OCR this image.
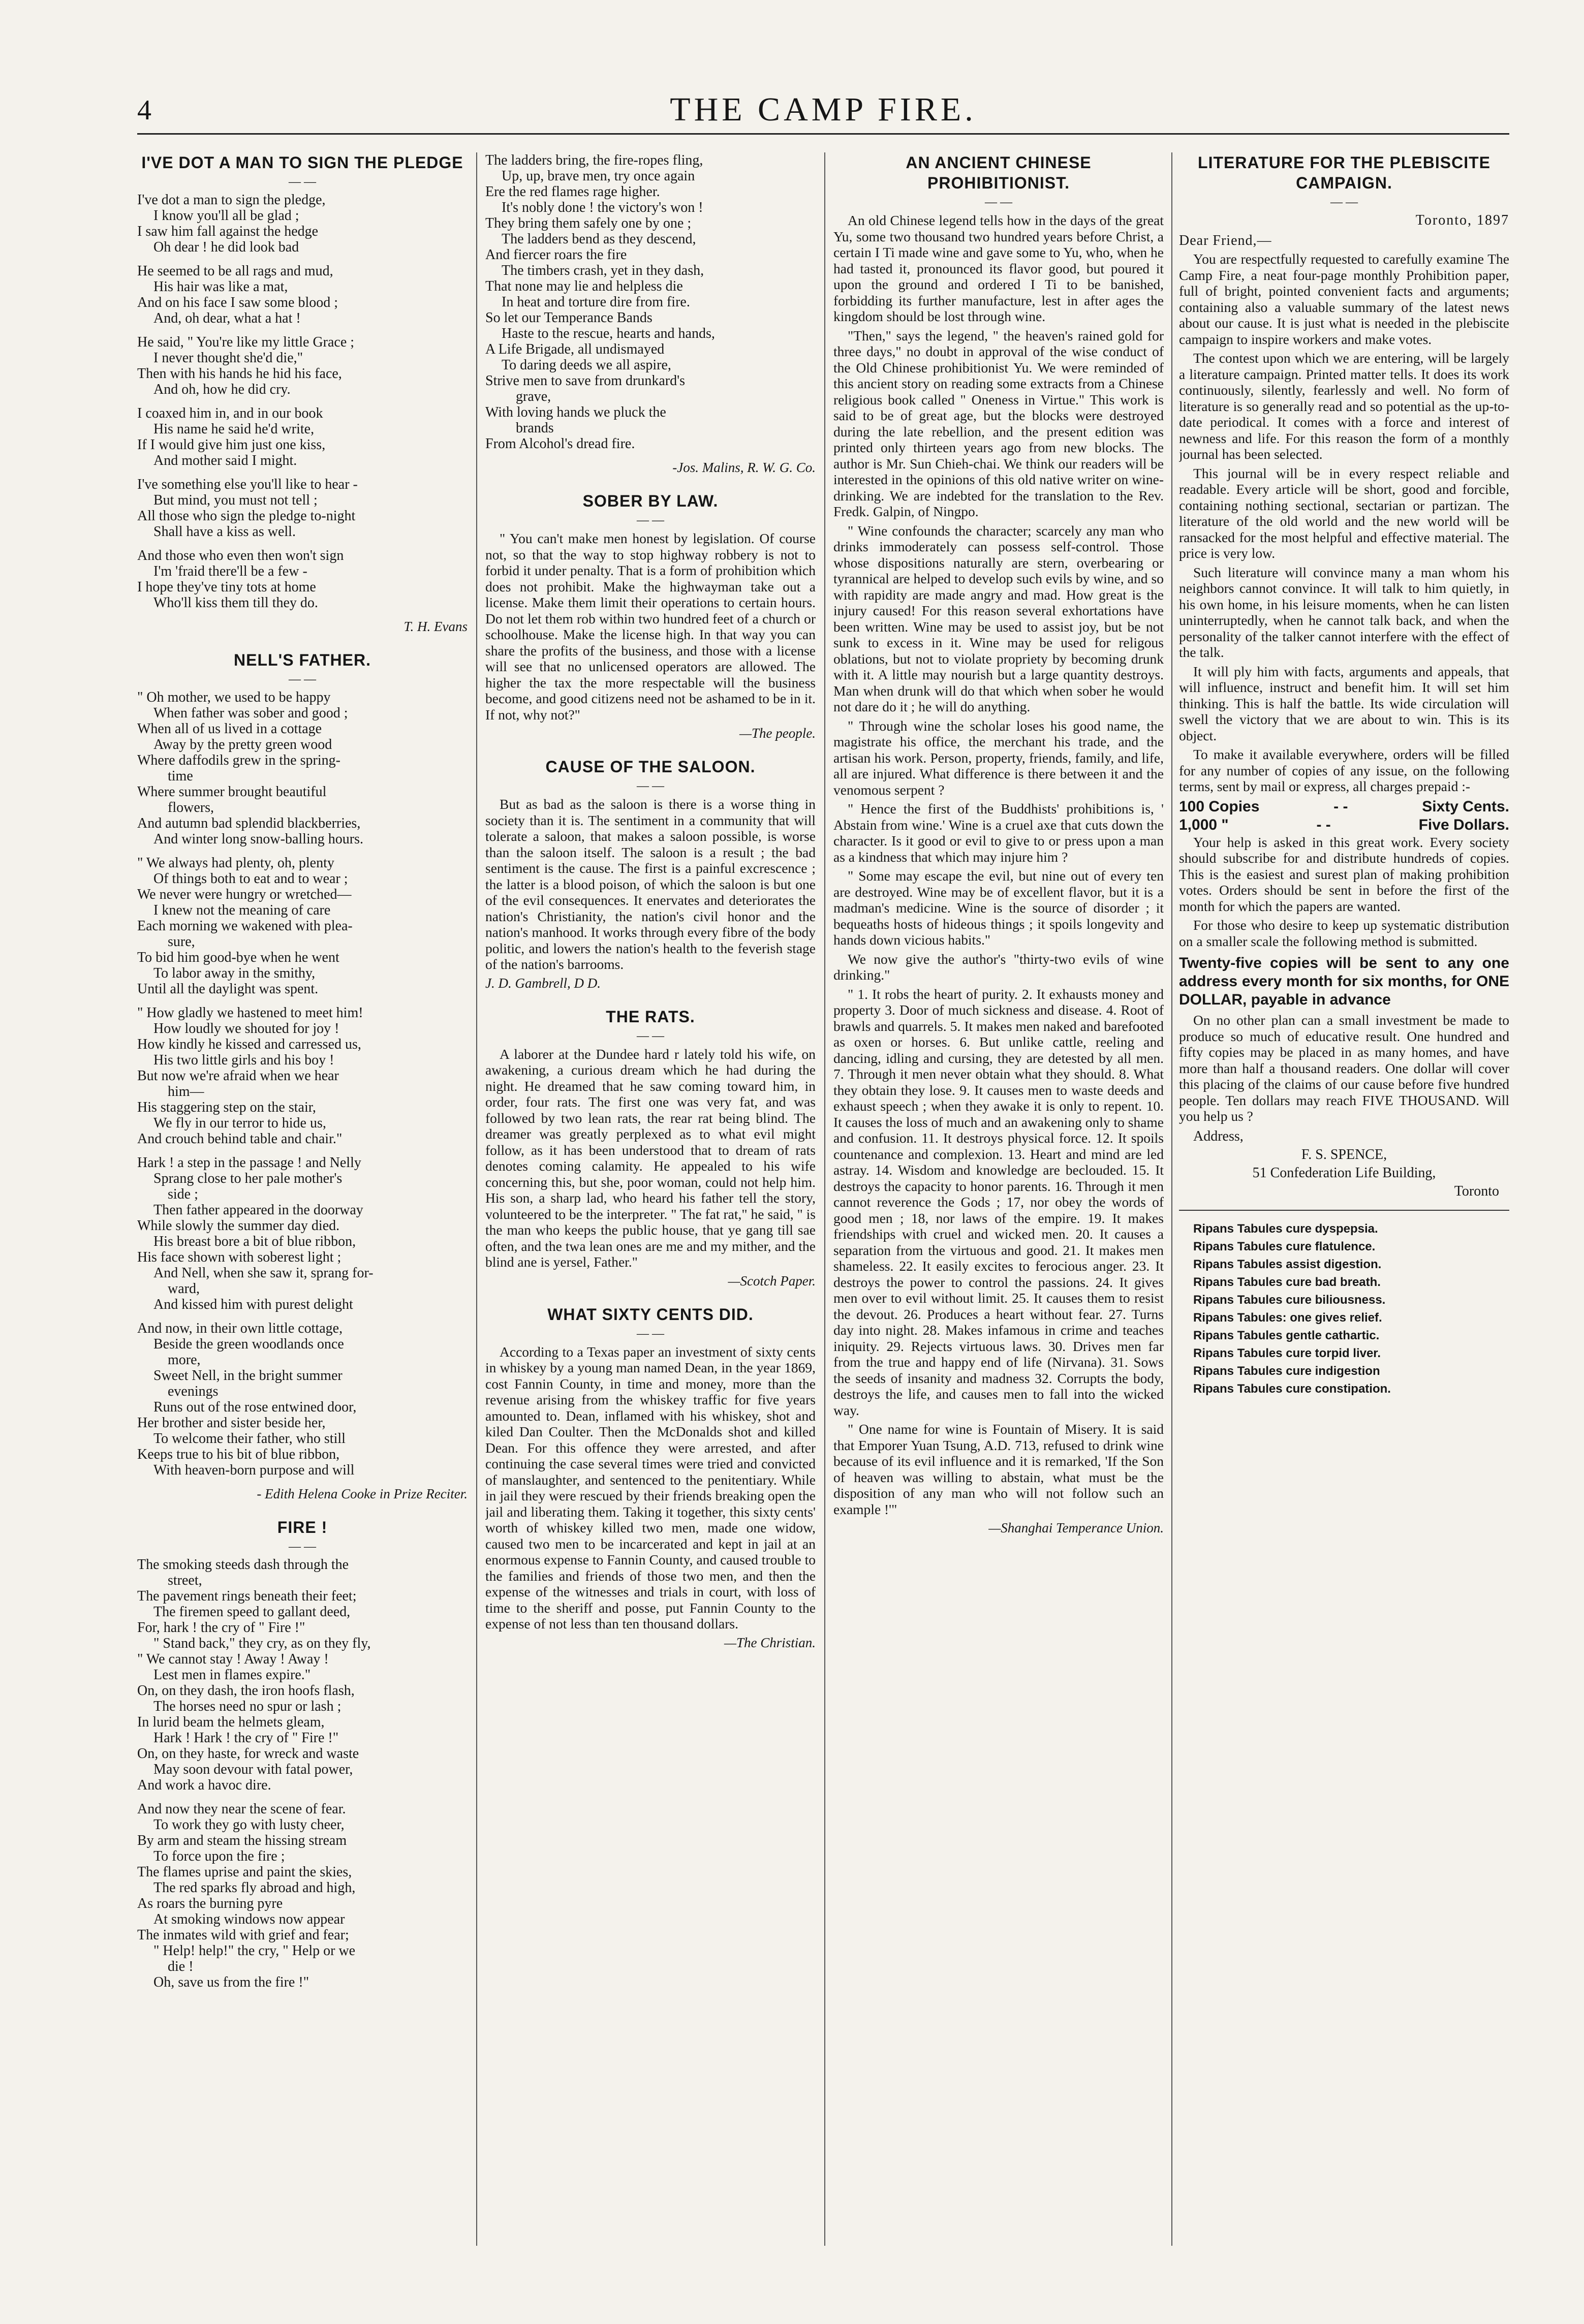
4	THE CAMP FIRE.
I'VE DOT A MAN TO SIGN THE PLEDGE
— —
I've dot a man to sign the pledge,
I know you'll all be glad ;
I saw him fall against the hedge
Oh dear ! he did look bad
He seemed to be all rags and mud,
His hair was like a mat,
And on his face I saw some blood ;
And, oh dear, what a hat !
He said, " You're like my little Grace ;
I never thought she'd die,"
Then with his hands he hid his face,
And oh, how he did cry.
I coaxed him in, and in our book
His name he said he'd write,
If I would give him just one kiss,
And mother said I might.
I've something else you'll like to hear -
But mind, you must not tell ;
All those who sign the pledge to-night
Shall have a kiss as well.
And those who even then won't sign
I'm 'fraid there'll be a few -
I hope they've tiny tots at home
Who'll kiss them till they do.
T. H. Evans
NELL'S FATHER.
— —
" Oh mother, we used to be happy
When father was sober and good ;
When all of us lived in a cottage
Away by the pretty green wood
Where daffodils grew in the spring-
time
Where summer brought beautiful
flowers,
And autumn bad splendid blackberries,
And winter long snow-balling hours.
" We always had plenty, oh, plenty
Of things both to eat and to wear ;
We never were hungry or wretched—
I knew not the meaning of care
Each morning we wakened with plea-
sure,
To bid him good-bye when he went
To labor away in the smithy,
Until all the daylight was spent.
" How gladly we hastened to meet him!
How loudly we shouted for joy !
How kindly he kissed and carressed us,
His two little girls and his boy !
But now we're afraid when we hear
him—
His staggering step on the stair,
We fly in our terror to hide us,
And crouch behind table and chair."
Hark ! a step in the passage ! and Nelly
Sprang close to her pale mother's
side ;
Then father appeared in the doorway
While slowly the summer day died.
His breast bore a bit of blue ribbon,
His face shown with soberest light ;
And Nell, when she saw it, sprang for-
ward,
And kissed him with purest delight
And now, in their own little cottage,
Beside the green woodlands once
more,
Sweet Nell, in the bright summer
evenings
Runs out of the rose entwined door,
Her brother and sister beside her,
To welcome their father, who still
Keeps true to his bit of blue ribbon,
With heaven-born purpose and will
- Edith Helena Cooke in Prize Reciter.
FIRE !
— —
The smoking steeds dash through the
street,
The pavement rings beneath their feet;
The firemen speed to gallant deed,
For, hark ! the cry of " Fire !"
" Stand back," they cry, as on they fly,
" We cannot stay ! Away ! Away !
Lest men in flames expire."
On, on they dash, the iron hoofs flash,
The horses need no spur or lash ;
In lurid beam the helmets gleam,
Hark ! Hark ! the cry of " Fire !"
On, on they haste, for wreck and waste
May soon devour with fatal power,
And work a havoc dire.
And now they near the scene of fear.
To work they go with lusty cheer,
By arm and steam the hissing stream
To force upon the fire ;
The flames uprise and paint the skies,
The red sparks fly abroad and high,
As roars the burning pyre
At smoking windows now appear
The inmates wild with grief and fear;
" Help! help!" the cry, " Help or we
die !
Oh, save us from the fire !"
The ladders bring, the fire-ropes fling,
Up, up, brave men, try once again
Ere the red flames rage higher.
It's nobly done ! the victory's won !
They bring them safely one by one ;
The ladders bend as they descend,
And fiercer roars the fire
The timbers crash, yet in they dash,
That none may lie and helpless die
In heat and torture dire from fire.
So let our Temperance Bands
Haste to the rescue, hearts and hands,
A Life Brigade, all undismayed
To daring deeds we all aspire,
Strive men to save from drunkard's
grave,
With loving hands we pluck the
brands
From Alcohol's dread fire.
-Jos. Malins, R. W. G. Co.
SOBER BY LAW.
— —

" You can't make men honest by legislation. Of course not, so that the way to stop highway robbery is not to forbid it under penalty. That is a form of prohibition which does not prohibit. Make the highwayman take out a license. Make them limit their operations to certain hours. Do not let them rob within two hundred feet of a church or schoolhouse. Make the license high. In that way you can share the profits of the business, and those with a license will see that no unlicensed operators are allowed. The higher the tax the more respectable will the business become, and good citizens need not be ashamed to be in it. If not, why not?"

—The people.
CAUSE OF THE SALOON.
— —

But as bad as the saloon is there is a worse thing in society than it is. The sentiment in a community that will tolerate a saloon, that makes a saloon possible, is worse than the saloon itself. The saloon is a result ; the bad sentiment is the cause. The first is a painful excrescence ; the latter is a blood poison, of which the saloon is but one of the evil consequences. It enervates and deteriorates the nation's Christianity, the nation's civil honor and the nation's manhood. It works through every fibre of the body politic, and lowers the nation's health to the feverish stage of the nation's barrooms.

J. D. Gambrell, D D.
THE RATS.
— —

A laborer at the Dundee hard r lately told his wife, on awakening, a curious dream which he had during the night. He dreamed that he saw coming toward him, in order, four rats. The first one was very fat, and was followed by two lean rats, the rear rat being blind. The dreamer was greatly perplexed as to what evil might follow, as it has been understood that to dream of rats denotes coming calamity. He appealed to his wife concerning this, but she, poor woman, could not help him. His son, a sharp lad, who heard his father tell the story, volunteered to be the interpreter. " The fat rat," he said, " is the man who keeps the public house, that ye gang till sae often, and the twa lean ones are me and my mither, and the blind ane is yersel, Father."

—Scotch Paper.
WHAT SIXTY CENTS DID.
— —

According to a Texas paper an investment of sixty cents in whiskey by a young man named Dean, in the year 1869, cost Fannin County, in time and money, more than the revenue arising from the whiskey traffic for five years amounted to. Dean, inflamed with his whiskey, shot and kiled Dan Coulter. Then the McDonalds shot and killed Dean. For this offence they were arrested, and after continuing the case several times were tried and convicted of manslaughter, and sentenced to the penitentiary. While in jail they were rescued by their friends breaking open the jail and liberating them. Taking it together, this sixty cents' worth of whiskey killed two men, made one widow, caused two men to be incarcerated and kept in jail at an enormous expense to Fannin County, and caused trouble to the families and friends of those two men, and then the expense of the witnesses and trials in court, with loss of time to the sheriff and posse, put Fannin County to the expense of not less than ten thousand dollars.

—The Christian.
AN ANCIENT CHINESE PROHIBITIONIST.
— —

An old Chinese legend tells how in the days of the great Yu, some two thousand two hundred years before Christ, a certain I Ti made wine and gave some to Yu, who, when he had tasted it, pronounced its flavor good, but poured it upon the ground and ordered I Ti to be banished, forbidding its further manufacture, lest in after ages the kingdom should be lost through wine.

"Then," says the legend, " the heaven's rained gold for three days," no doubt in approval of the wise conduct of the Old Chinese prohibitionist Yu. We were reminded of this ancient story on reading some extracts from a Chinese religious book called " Oneness in Virtue." This work is said to be of great age, but the blocks were destroyed during the late rebellion, and the present edition was printed only thirteen years ago from new blocks. The author is Mr. Sun Chieh-chai. We think our readers will be interested in the opinions of this old native writer on wine-drinking. We are indebted for the translation to the Rev. Fredk. Galpin, of Ningpo.

" Wine confounds the character; scarcely any man who drinks immoderately can possess self-control. Those whose dispositions naturally are stern, overbearing or tyrannical are helped to develop such evils by wine, and so with rapidity are made angry and mad. How great is the injury caused! For this reason several exhortations have been written. Wine may be used to assist joy, but be not sunk to excess in it. Wine may be used for religous oblations, but not to violate propriety by becoming drunk with it. A little may nourish but a large quantity destroys. Man when drunk will do that which when sober he would not dare do it ; he will do anything.

" Through wine the scholar loses his good name, the magistrate his office, the merchant his trade, and the artisan his work. Person, property, friends, family, and life, all are injured. What difference is there between it and the venomous serpent ?

" Hence the first of the Buddhists' prohibitions is, ' Abstain from wine.' Wine is a cruel axe that cuts down the character. Is it good or evil to give to or press upon a man as a kindness that which may injure him ?

" Some may escape the evil, but nine out of every ten are destroyed. Wine may be of excellent flavor, but it is a madman's medicine. Wine is the source of disorder ; it bequeaths hosts of hideous things ; it spoils longevity and hands down vicious habits."

We now give the author's "thirty-two evils of wine drinking."

" 1. It robs the heart of purity. 2. It exhausts money and property 3. Door of much sickness and disease. 4. Root of brawls and quarrels. 5. It makes men naked and barefooted as oxen or horses. 6. But unlike cattle, reeling and dancing, idling and cursing, they are detested by all men. 7. Through it men never obtain what they should. 8. What they obtain they lose. 9. It causes men to waste deeds and exhaust speech ; when they awake it is only to repent. 10. It causes the loss of much and an awakening only to shame and confusion. 11. It destroys physical force. 12. It spoils countenance and complexion. 13. Heart and mind are led astray. 14. Wisdom and knowledge are beclouded. 15. It destroys the capacity to honor parents. 16. Through it men cannot reverence the Gods ; 17, nor obey the words of good men ; 18, nor laws of the empire. 19. It makes friendships with cruel and wicked men. 20. It causes a separation from the virtuous and good. 21. It makes men shameless. 22. It easily excites to ferocious anger. 23. It destroys the power to control the passions. 24. It gives men over to evil without limit. 25. It causes them to resist the devout. 26. Produces a heart without fear. 27. Turns day into night. 28. Makes infamous in crime and teaches iniquity. 29. Rejects virtuous laws. 30. Drives men far from the true and happy end of life (Nirvana). 31. Sows the seeds of insanity and madness 32. Corrupts the body, destroys the life, and causes men to fall into the wicked way.

" One name for wine is Fountain of Misery. It is said that Emporer Yuan Tsung, A.D. 713, refused to drink wine because of its evil influence and it is remarked, 'If the Son of heaven was willing to abstain, what must be the disposition of any man who will not follow such an example !'"

—Shanghai Temperance Union.
LITERATURE FOR THE PLEBISCITE CAMPAIGN.
— —
Toronto, 1897
Dear Friend,—

You are respectfully requested to carefully examine The Camp Fire, a neat four-page monthly Prohibition paper, full of bright, pointed convenient facts and arguments; containing also a valuable summary of the latest news about our cause. It is just what is needed in the plebiscite campaign to inspire workers and make votes.

The contest upon which we are entering, will be largely a literature campaign. Printed matter tells. It does its work continuously, silently, fearlessly and well. No form of literature is so generally read and so potential as the up-to-date periodical. It comes with a force and interest of newness and life. For this reason the form of a monthly journal has been selected.

This journal will be in every respect reliable and readable. Every article will be short, good and forcible, containing nothing sectional, sectarian or partizan. The literature of the old world and the new world will be ransacked for the most helpful and effective material. The price is very low.

Such literature will convince many a man whom his neighbors cannot convince. It will talk to him quietly, in his own home, in his leisure moments, when he can listen uninterruptedly, when he cannot talk back, and when the personality of the talker cannot interfere with the effect of the talk.

It will ply him with facts, arguments and appeals, that will influence, instruct and benefit him. It will set him thinking. This is half the battle. Its wide circulation will swell the victory that we are about to win. This is its object.

To make it available everywhere, orders will be filled for any number of copies of any issue, on the following terms, sent by mail or express, all charges prepaid :-

100 Copies	- -	Sixty Cents.
1,000 "	- -	Five Dollars.

Your help is asked in this great work. Every society should subscribe for and distribute hundreds of copies. This is the easiest and surest plan of making prohibition votes. Orders should be sent in before the first of the month for which the papers are wanted.

For those who desire to keep up systematic distribution on a smaller scale the following method is submitted.

Twenty-five copies will be sent to any one address every month for six months, for ONE DOLLAR, payable in advance

On no other plan can a small investment be made to produce so much of educative result. One hundred and fifty copies may be placed in as many homes, and have more than half a thousand readers. One dollar will cover this placing of the claims of our cause before five hundred people. Ten dollars may reach FIVE THOUSAND. Will you help us ?

Address,
F. S. SPENCE,
51 Confederation Life Building,
Toronto
Ripans Tabules cure dyspepsia.
Ripans Tabules cure flatulence.
Ripans Tabules assist digestion.
Ripans Tabules cure bad breath.
Ripans Tabules cure biliousness.
Ripans Tabules: one gives relief.
Ripans Tabules gentle cathartic.
Ripans Tabules cure torpid liver.
Ripans Tabules cure indigestion
Ripans Tabules cure constipation.
